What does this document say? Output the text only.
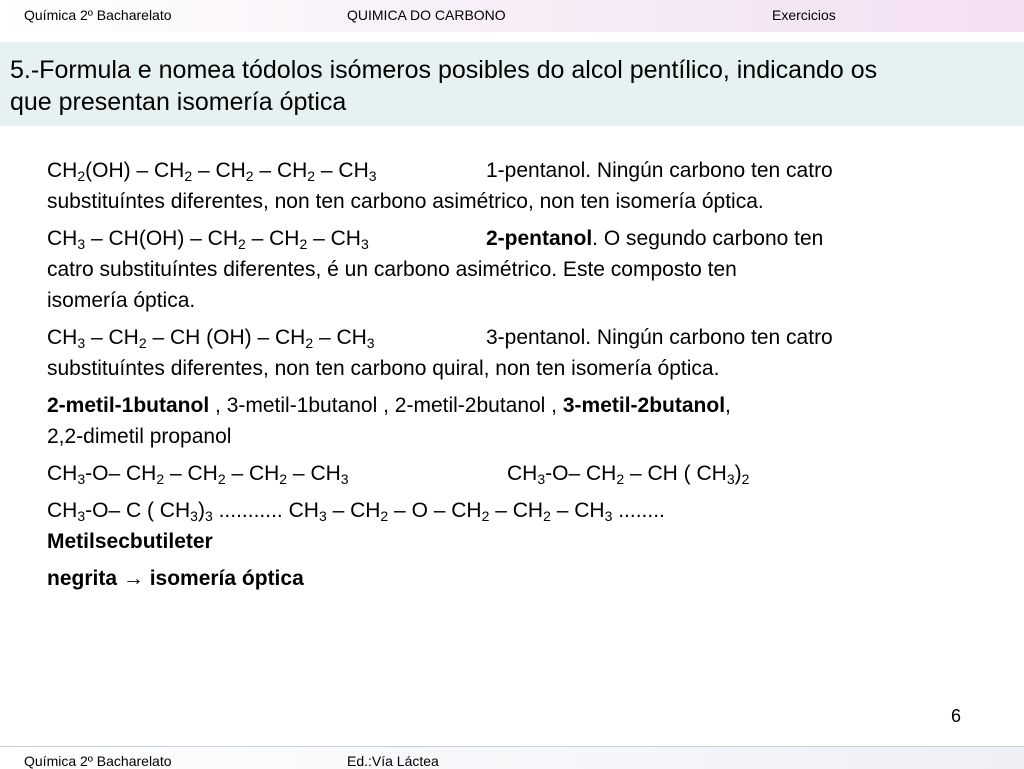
Química 2º Bacharelato	QUIMICA DO CARBONO	Exercicios
5.-Formula e nomea tódolos isómeros posibles do alcol pentílico, indicando os
que presentan isomería óptica
$CH_2(OH) - CH_2 - CH_2 - CH_2 - CH_3$	1-pentanol. Ningún carbono ten catro
substituíntes diferentes, non ten carbono asimétrico, non ten isomería óptica.
$CH_3 - CH(OH) - CH_2 - CH_2 - CH_3$	2-pentanol. O segundo carbono ten
catro substituíntes diferentes, é un carbono asimétrico. Este composto ten
isomería óptica.
$CH_3 - CH_2$ – CH $(OH) - CH_2 - CH_3$	3-pentanol. Ningún carbono ten catro
substituíntes diferentes, non ten carbono quiral, non ten isomería óptica.
2-metil-1butanol , 3-metil-1butanol , 2-metil-2butanol , 3-metil-2butanol,
2,2-dimetil propanol
$CH_3-O-$ $CH_2 - CH_2 - CH_2 - CH_3$	$CH_3-O-$ $CH_2$ – CH ( $CH_3)_2$
$CH_3-O-$ C ( $CH_3)_3$ ........... $CH_3 - CH_2$ – O – $CH_2 - CH_2 - CH_3$ ........
Metilsecbutileter
negrita → isomería óptica
6
Química 2º Bacharelato	Ed.:Vía Láctea
